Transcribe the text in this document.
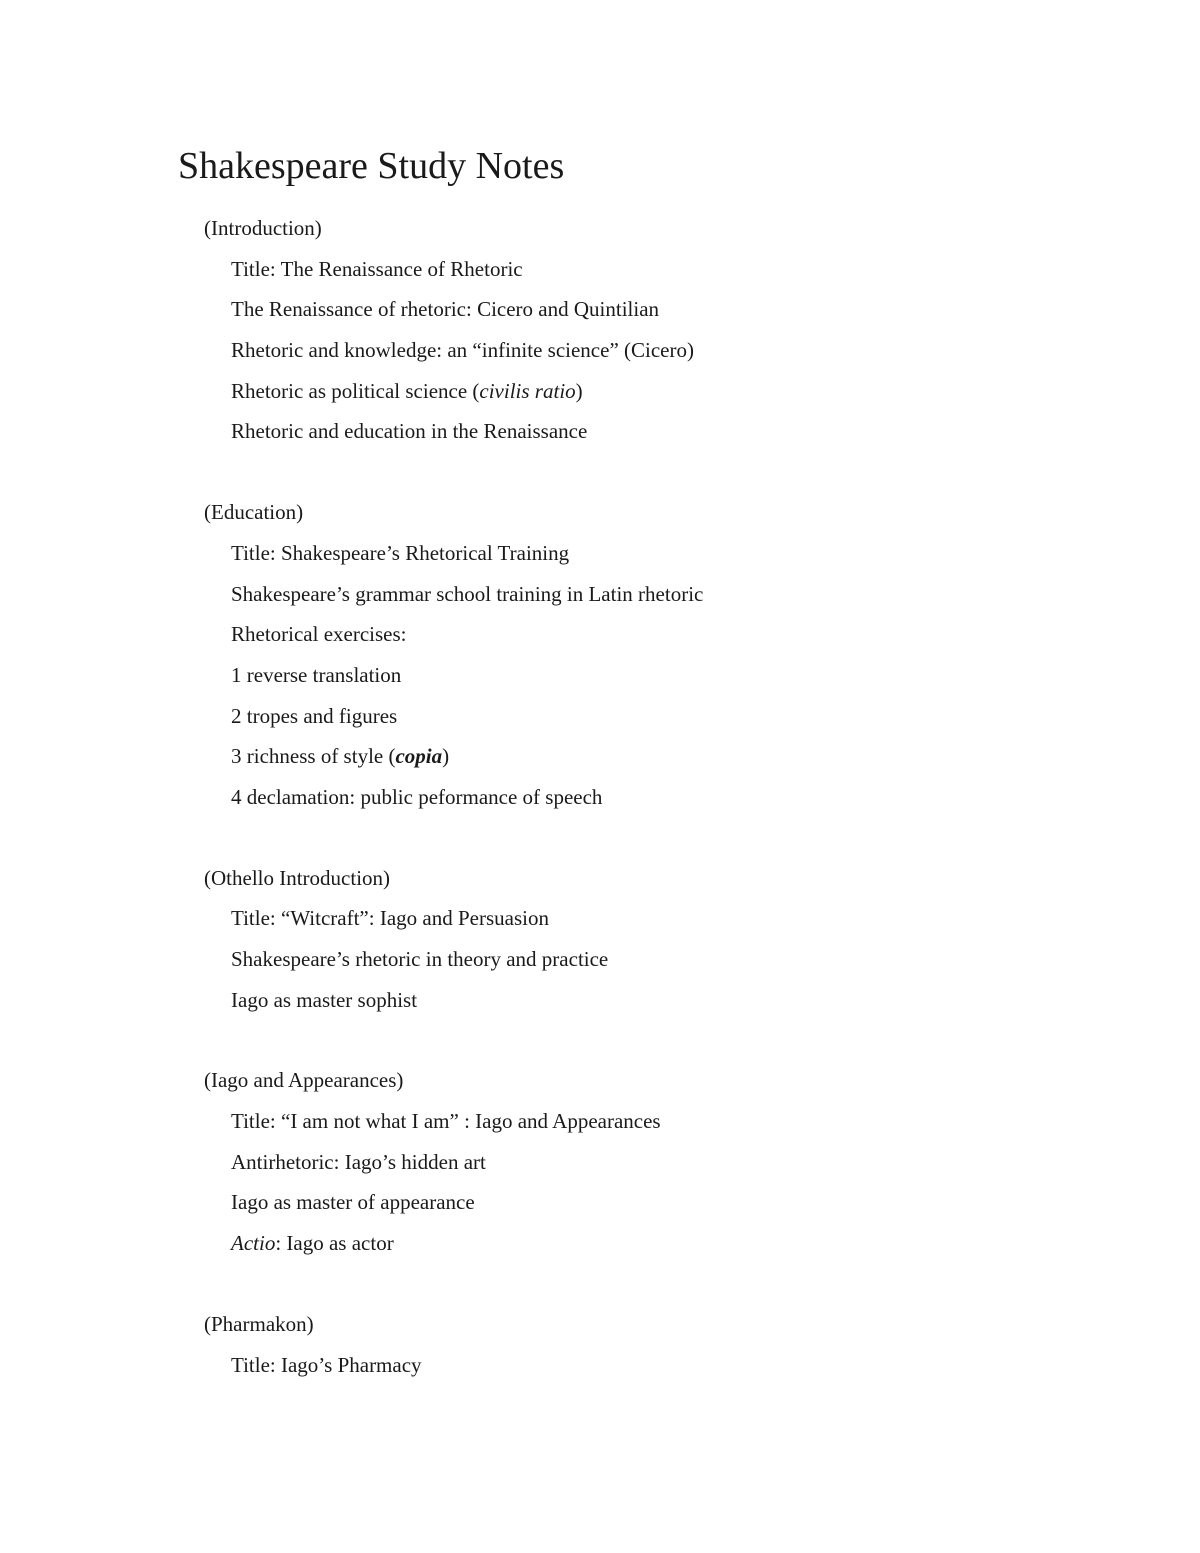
Shakespeare Study Notes
(Introduction)
Title: The Renaissance of Rhetoric
The Renaissance of rhetoric: Cicero and Quintilian
Rhetoric and knowledge: an “infinite science” (Cicero)
Rhetoric as political science (civilis ratio)
Rhetoric and education in the Renaissance
(Education)
Title: Shakespeare’s Rhetorical Training
Shakespeare’s grammar school training in Latin rhetoric
Rhetorical exercises:
1 reverse translation
2 tropes and figures
3 richness of style (copia)
4 declamation: public peformance of speech
(Othello Introduction)
Title: “Witcraft”: Iago and Persuasion
Shakespeare’s rhetoric in theory and practice
Iago as master sophist
(Iago and Appearances)
Title: “I am not what I am” : Iago and Appearances
Antirhetoric: Iago’s hidden art
Iago as master of appearance
Actio: Iago as actor
(Pharmakon)
Title: Iago’s Pharmacy
